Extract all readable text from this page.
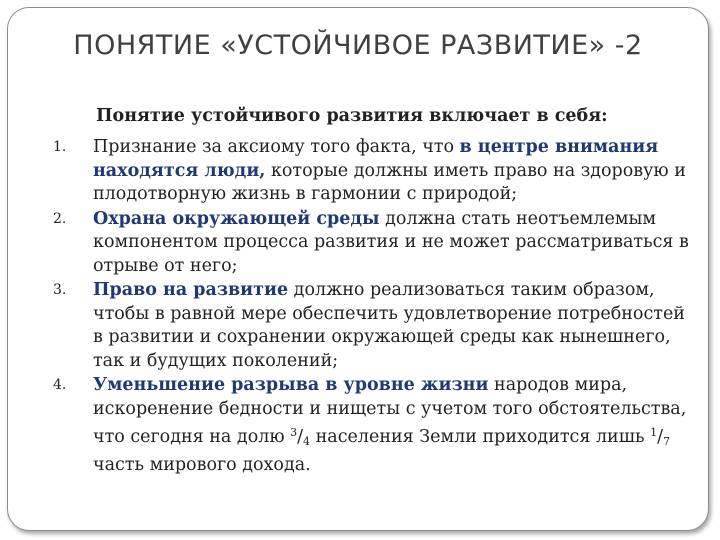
ПОНЯТИЕ «УСТОЙЧИВОЕ РАЗВИТИЕ» -2
Понятие устойчивого развития включает в себя:
1. Признание за аксиому того факта, что в центре внимания находятся люди, которые должны иметь право на здоровую и плодотворную жизнь в гармонии с природой;
2. Охрана окружающей среды должна стать неотъемлемым компонентом процесса развития и не может рассматриваться в отрыве от него;
3. Право на развитие должно реализоваться таким образом, чтобы в равной мере обеспечить удовлетворение потребностей в развитии и сохранении окружающей среды как нынешнего, так и будущих поколений;
4. Уменьшение разрыва в уровне жизни народов мира, искоренение бедности и нищеты с учетом того обстоятельства, что сегодня на долю $^3/_4$ населения Земли приходится лишь $^1/_7$ часть мирового дохода.
